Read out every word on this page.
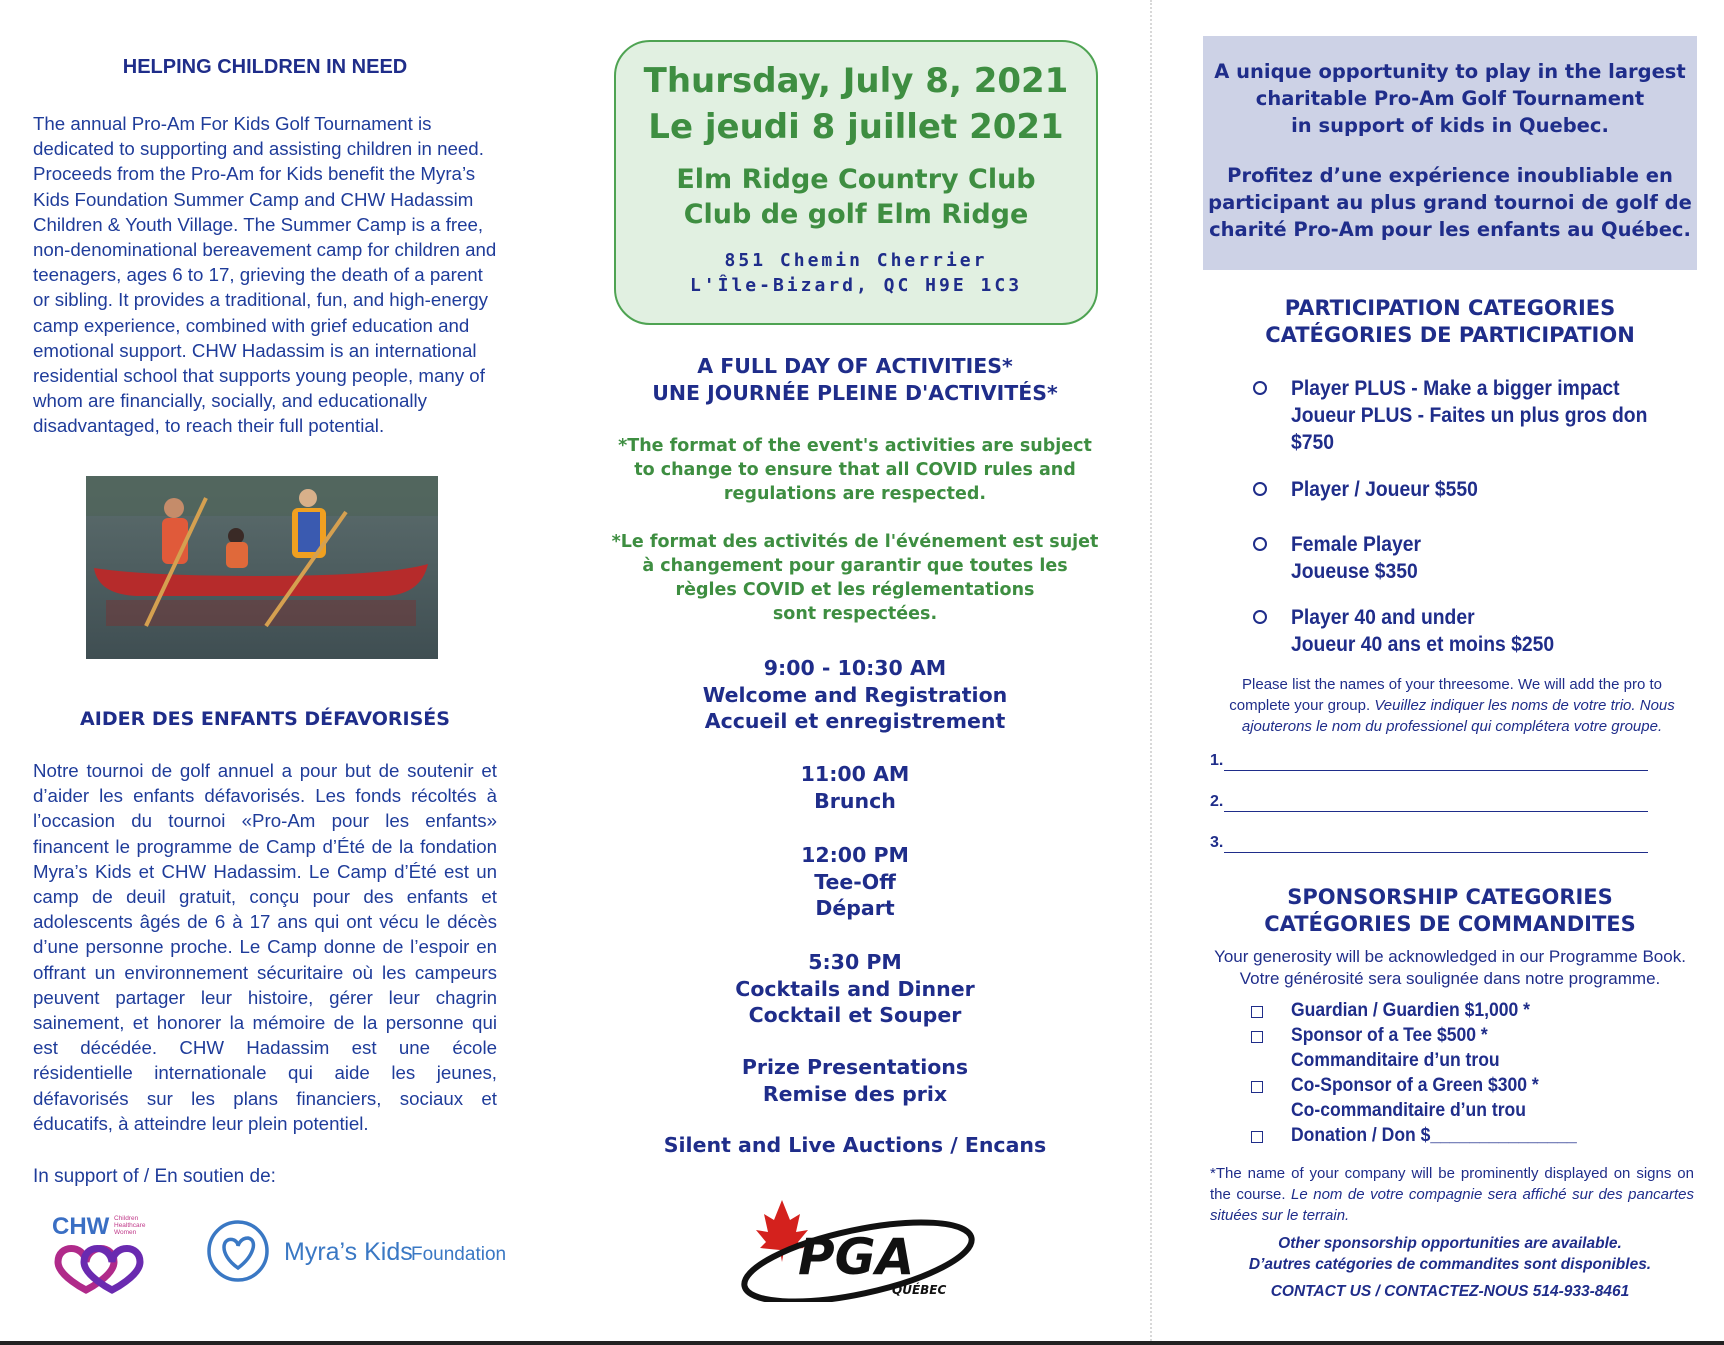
HELPING CHILDREN IN NEED

The annual Pro-Am For Kids Golf Tournament is dedicated to supporting and assisting children in need. Proceeds from the Pro-Am for Kids benefit the Myra’s Kids Foundation Summer Camp and CHW Hadassim Children & Youth Village. The Summer Camp is a free, non-denominational bereavement camp for children and teenagers, ages 6 to 17, grieving the death of a parent or sibling. It provides a traditional, fun, and high-energy camp experience, combined with grief education and emotional support. CHW Hadassim is an international residential school that supports young people, many of whom are financially, socially, and educationally disadvantaged, to reach their full potential.

AIDER DES ENFANTS DÉFAVORISÉS

Notre tournoi de golf annuel a pour but de soutenir et d’aider les enfants défavorisés. Les fonds récoltés à l’occasion du tournoi «Pro-Am pour les enfants» financent le programme de Camp d’Été de la fondation Myra’s Kids et CHW Hadassim. Le Camp d’Été est un camp de deuil gratuit, conçu pour des enfants et adolescents âgés de 6 à 17 ans qui ont vécu le décès d’une personne proche. Le Camp donne de l’espoir en offrant un environnement sécuritaire où les campeurs peuvent partager leur histoire, gérer leur chagrin sainement, et honorer la mémoire de la personne qui est décédée. CHW Hadassim est une école résidentielle internationale qui aide les jeunes, défavorisés sur les plans financiers, sociaux et éducatifs, à atteindre leur plein potentiel.

In support of / En soutien de:
CHW Children
Healthcare
Women
Myra’s Kids
Foundation
Thursday, July 8, 2021
Le jeudi 8 juillet 2021
Elm Ridge Country Club
Club de golf Elm Ridge
851 Chemin Cherrier
L'Île-Bizard, QC H9E 1C3
A FULL DAY OF ACTIVITIES*
UNE JOURNÉE PLEINE D'ACTIVITÉS*
*The format of the event's activities are subject
to change to ensure that all COVID rules and
regulations are respected.
*Le format des activités de l'événement est sujet
à changement pour garantir que toutes les
règles COVID et les réglementations
sont respectées.
9:00 - 10:30 AM
Welcome and Registration
Accueil et enregistrement
11:00 AM
Brunch
12:00 PM
Tee-Off
Départ
5:30 PM
Cocktails and Dinner
Cocktail et Souper
Prize Presentations
Remise des prix
Silent and Live Auctions / Encans
PGA
QUÉBEC
A unique opportunity to play in the largest
charitable Pro-Am Golf Tournament
in support of kids in Quebec.
Profitez d’une expérience inoubliable en
participant au plus grand tournoi de golf de
charité Pro-Am pour les enfants au Québec.
PARTICIPATION CATEGORIES
CATÉGORIES DE PARTICIPATION
Player PLUS - Make a bigger impact
Joueur PLUS - Faites un plus gros don
$750
Player / Joueur $550
Female Player
Joueuse $350
Player 40 and under
Joueur 40 ans et moins $250
Please list the names of your threesome. We will add the pro to complete your group. Veuillez indiquer les noms de votre trio. Nous ajouterons le nom du professionel qui complétera votre groupe.
1.
2.
3.
SPONSORSHIP CATEGORIES
CATÉGORIES DE COMMANDITES
Your generosity will be acknowledged in our Programme Book.
Votre générosité sera soulignée dans notre programme.
Guardian / Guardien $1,000 *
Sponsor of a Tee $500 *
Commanditaire d’un trou
Co-Sponsor of a Green $300 *
Co-commanditaire d’un trou
Donation / Don $_______________
*The name of your company will be prominently displayed on signs on the course. Le nom de votre compagnie sera affiché sur des pancartes situées sur le terrain.
Other sponsorship opportunities are available.
D’autres catégories de commandites sont disponibles.
CONTACT US / CONTACTEZ-NOUS 514-933-8461
